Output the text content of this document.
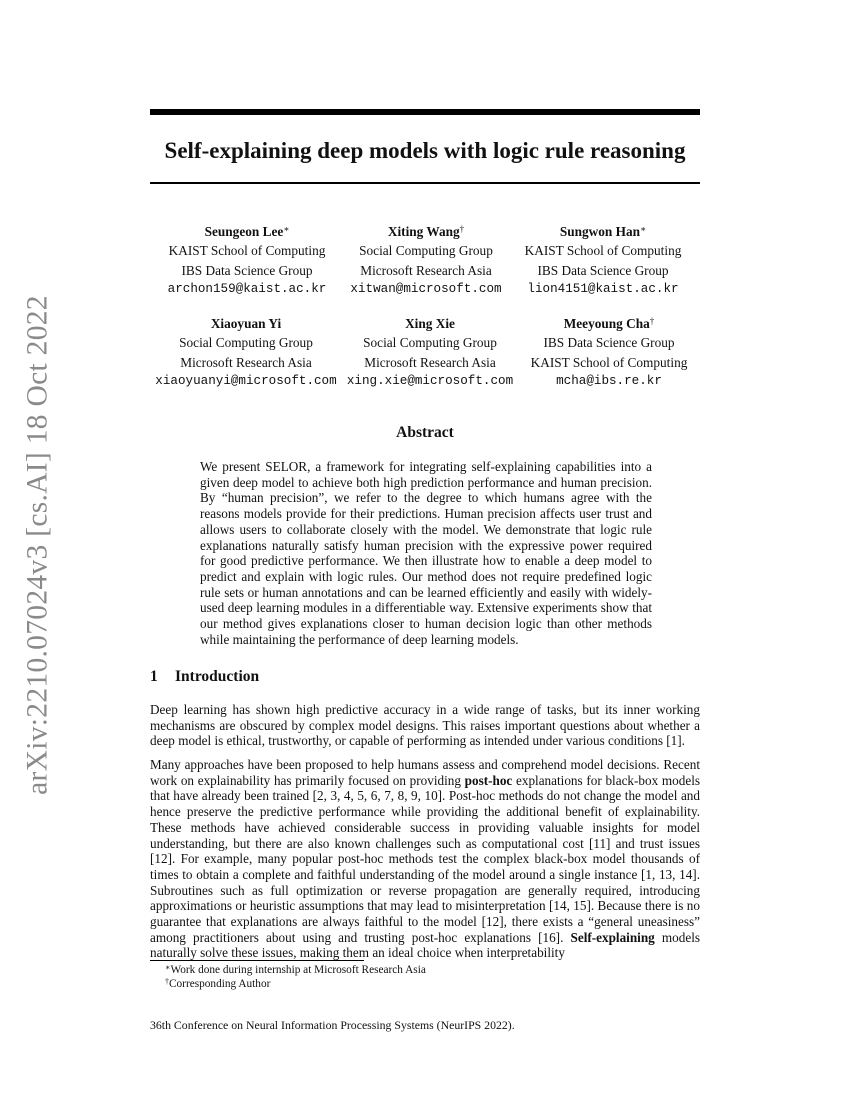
arXiv:2210.07024v3 [cs.AI] 18 Oct 2022
Self-explaining deep models with logic rule reasoning
Seungeon Lee∗
KAIST School of Computing
IBS Data Science Group
archon159@kaist.ac.kr
Xiting Wang†
Social Computing Group
Microsoft Research Asia
xitwan@microsoft.com
Sungwon Han∗
KAIST School of Computing
IBS Data Science Group
lion4151@kaist.ac.kr
Xiaoyuan Yi
Social Computing Group
Microsoft Research Asia
xiaoyuanyi@microsoft.com
Xing Xie
Social Computing Group
Microsoft Research Asia
xing.xie@microsoft.com
Meeyoung Cha†
IBS Data Science Group
KAIST School of Computing
mcha@ibs.re.kr
Abstract

We present SELOR, a framework for integrating self-explaining capabilities into a given deep model to achieve both high prediction performance and human precision. By “human precision”, we refer to the degree to which humans agree with the reasons models provide for their predictions. Human precision affects user trust and allows users to collaborate closely with the model. We demonstrate that logic rule explanations naturally satisfy human precision with the expressive power required for good predictive performance. We then illustrate how to enable a deep model to predict and explain with logic rules. Our method does not require predefined logic rule sets or human annotations and can be learned efficiently and easily with widely-used deep learning modules in a differentiable way. Extensive experiments show that our method gives explanations closer to human decision logic than other methods while maintaining the performance of deep learning models.

1 Introduction

Deep learning has shown high predictive accuracy in a wide range of tasks, but its inner working mechanisms are obscured by complex model designs. This raises important questions about whether a deep model is ethical, trustworthy, or capable of performing as intended under various conditions [1].

Many approaches have been proposed to help humans assess and comprehend model decisions. Recent work on explainability has primarily focused on providing post-hoc explanations for black-box models that have already been trained [2, 3, 4, 5, 6, 7, 8, 9, 10]. Post-hoc methods do not change the model and hence preserve the predictive performance while providing the additional benefit of explainability. These methods have achieved considerable success in providing valuable insights for model understanding, but there are also known challenges such as computational cost [11] and trust issues [12]. For example, many popular post-hoc methods test the complex black-box model thousands of times to obtain a complete and faithful understanding of the model around a single instance [1, 13, 14]. Subroutines such as full optimization or reverse propagation are generally required, introducing approximations or heuristic assumptions that may lead to misinterpretation [14, 15]. Because there is no guarantee that explanations are always faithful to the model [12], there exists a “general uneasiness” among practitioners about using and trusting post-hoc explanations [16]. Self-explaining models naturally solve these issues, making them an ideal choice when interpretability

∗Work done during internship at Microsoft Research Asia
†Corresponding Author
36th Conference on Neural Information Processing Systems (NeurIPS 2022).
